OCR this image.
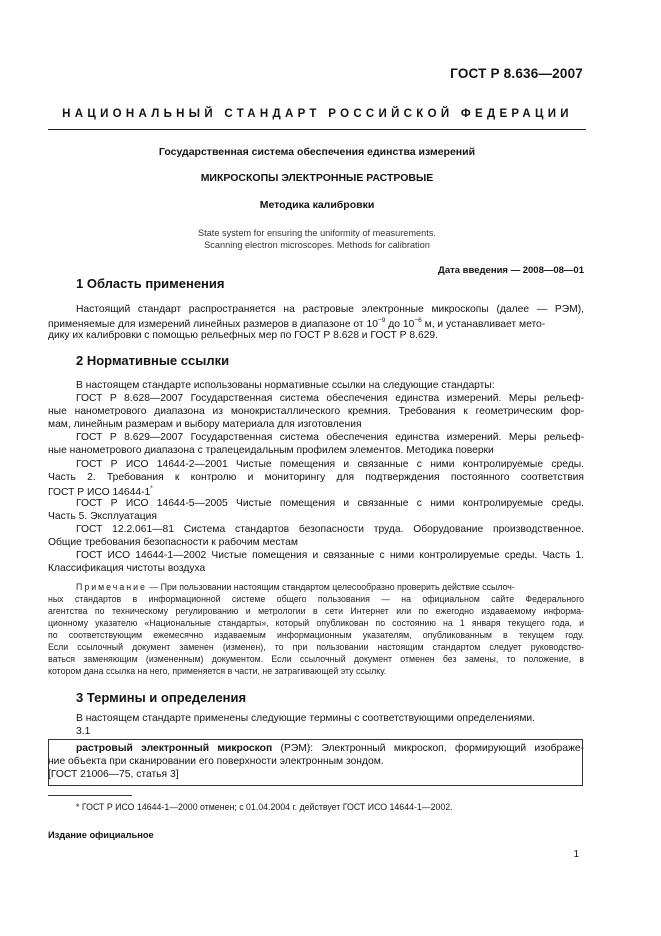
ГОСТ Р 8.636—2007
НАЦИОНАЛЬНЫЙ СТАНДАРТ РОССИЙСКОЙ ФЕДЕРАЦИИ
Государственная система обеспечения единства измерений
МИКРОСКОПЫ ЭЛЕКТРОННЫЕ РАСТРОВЫЕ
Методика калибровки
State system for ensuring the uniformity of measurements.
Scanning electron microscopes. Methods for calibration
Дата введения — 2008—08—01
1 Область применения
Настоящий стандарт распространяется на растровые электронные микроскопы (далее — РЭМ),
применяемые для измерений линейных размеров в диапазоне от $10^{-9}$ до $10^{-6}$ м, и устанавливает мето-
дику их калибровки с помощью рельефных мер по ГОСТ Р 8.628 и ГОСТ Р 8.629.
2 Нормативные ссылки
В настоящем стандарте использованы нормативные ссылки на следующие стандарты:
ГОСТ Р 8.628—2007 Государственная система обеспечения единства измерений. Меры рельеф-
ные нанометрового диапазона из монокристаллического кремния. Требования к геометрическим фор-
мам, линейным размерам и выбору материала для изготовления
ГОСТ Р 8.629—2007 Государственная система обеспечения единства измерений. Меры рельеф-
ные нанометрового диапазона с трапецеидальным профилем элементов. Методика поверки
ГОСТ Р ИСО 14644-2—2001 Чистые помещения и связанные с ними контролируемые среды.
Часть 2. Требования к контролю и мониторингу для подтверждения постоянного соответствия
ГОСТ Р ИСО 14644-1*
ГОСТ Р ИСО 14644-5—2005 Чистые помещения и связанные с ними контролируемые среды.
Часть 5. Эксплуатация
ГОСТ 12.2.061—81 Система стандартов безопасности труда. Оборудование производственное.
Общие требования безопасности к рабочим местам
ГОСТ ИСО 14644-1—2002 Чистые помещения и связанные с ними контролируемые среды. Часть 1.
Классификация чистоты воздуха
Примечание — При пользовании настоящим стандартом целесообразно проверить действие ссылоч-
ных стандартов в информационной системе общего пользования — на официальном сайте Федерального
агентства по техническому регулированию и метрологии в сети Интернет или по ежегодно издаваемому информа-
ционному указателю «Национальные стандарты», который опубликован по состоянию на 1 января текущего года, и
по соответствующим ежемесячно издаваемым информационным указателям, опубликованным в текущем году.
Если ссылочный документ заменен (изменен), то при пользовании настоящим стандартом следует руководство-
ваться заменяющим (измененным) документом. Если ссылочный документ отменен без замены, то положение, в
котором дана ссылка на него, применяется в части, не затрагивающей эту ссылку.
3 Термины и определения
В настоящем стандарте применены следующие термины с соответствующими определениями.
3.1
растровый электронный микроскоп (РЭМ): Электронный микроскоп, формирующий изображе-
ние объекта при сканировании его поверхности электронным зондом.
[ГОСТ 21006—75, статья 3]
* ГОСТ Р ИСО 14644-1—2000 отменен; с 01.04.2004 г. действует ГОСТ ИСО 14644-1—2002.
Издание официальное
1
